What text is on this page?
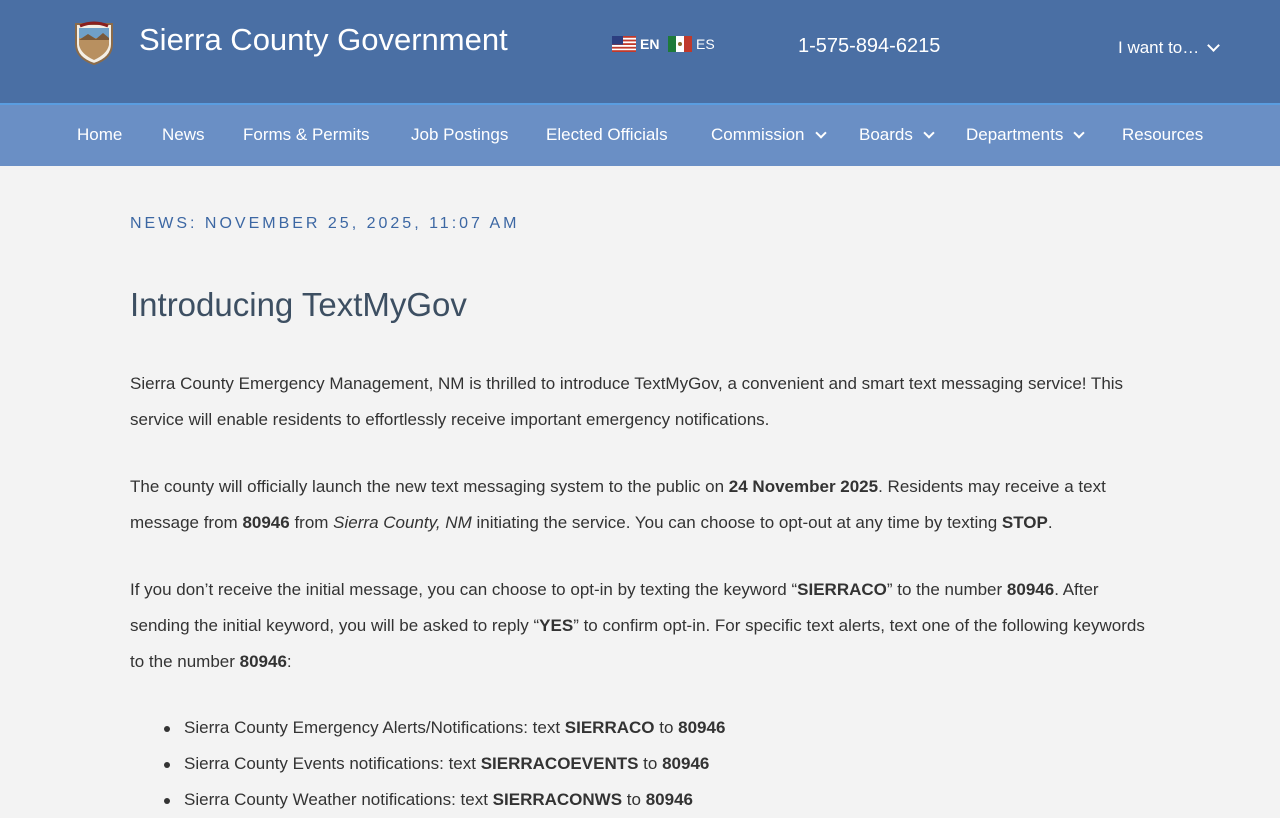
Sierra County Government	EN	ES	1-575-894-6215	I want to…
Home News Forms & Permits Job Postings Elected Officials	Commission	Boards	Departments	Resources
NEWS: NOVEMBER 25, 2025, 11:07 AM
Introducing TextMyGov

Sierra County Emergency Management, NM is thrilled to introduce TextMyGov, a convenient and smart text messaging service! This service will enable residents to effortlessly receive important emergency notifications.

The county will officially launch the new text messaging system to the public on 24 November 2025. Residents may receive a text message from 80946 from Sierra County, NM initiating the service. You can choose to opt-out at any time by texting STOP.

If you don’t receive the initial message, you can choose to opt-in by texting the keyword “SIERRACO” to the number 80946. After sending the initial keyword, you will be asked to reply “YES” to confirm opt-in. For specific text alerts, text one of the following keywords to the number 80946:

Sierra County Emergency Alerts/Notifications: text SIERRACO to 80946
Sierra County Events notifications: text SIERRACOEVENTS to 80946
Sierra County Weather notifications: text SIERRACONWS to 80946
